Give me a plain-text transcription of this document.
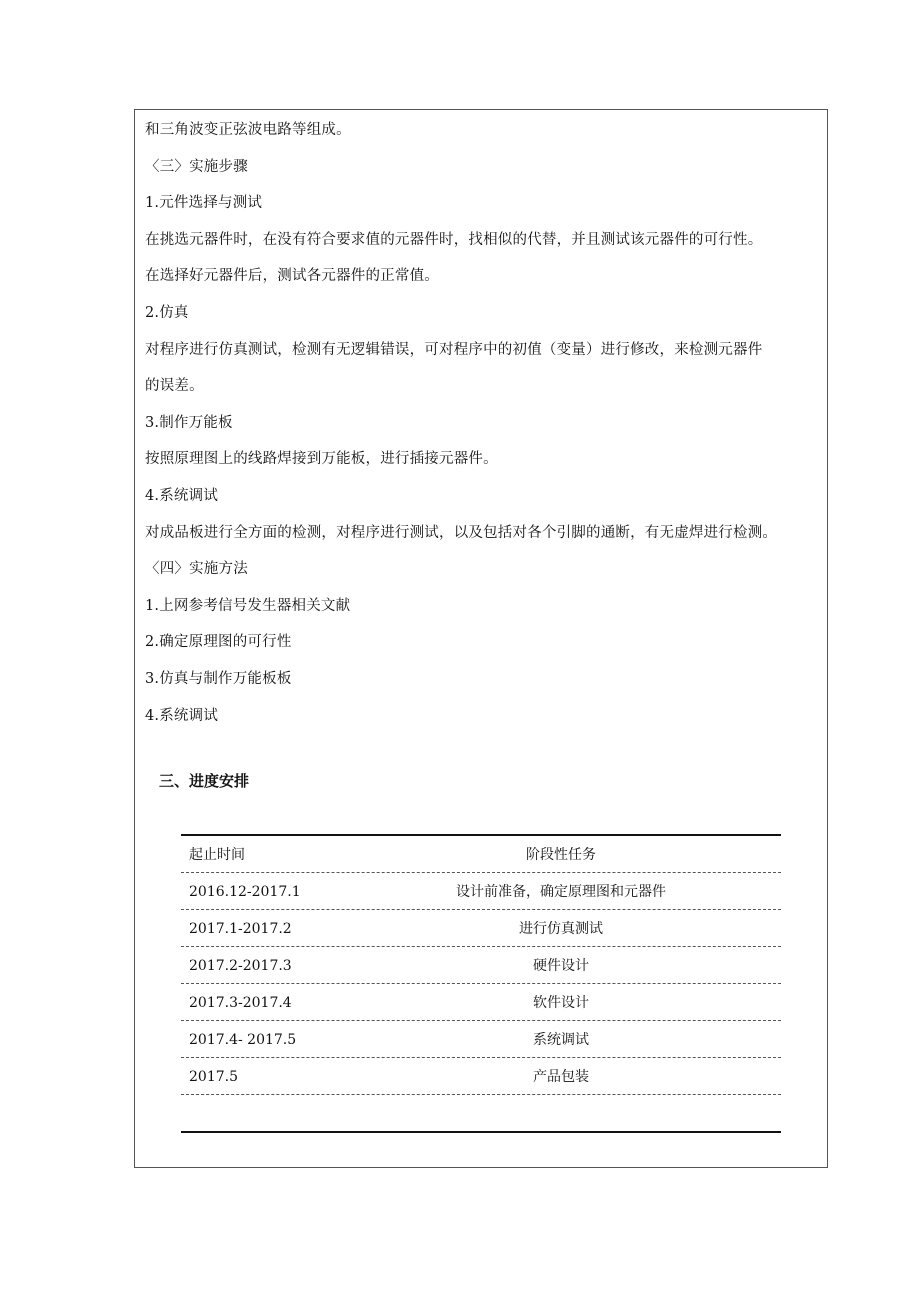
和三角波变正弦波电路等组成。
〈三〉实施步骤
1.元件选择与测试
在挑选元器件时，在没有符合要求值的元器件时，找相似的代替，并且测试该元器件的可行性。
在选择好元器件后，测试各元器件的正常值。
2.仿真
对程序进行仿真测试，检测有无逻辑错误，可对程序中的初值（变量）进行修改，来检测元器件
的误差。
3.制作万能板
按照原理图上的线路焊接到万能板，进行插接元器件。
4.系统调试
对成品板进行全方面的检测，对程序进行测试，以及包括对各个引脚的通断，有无虚焊进行检测。
〈四〉实施方法
1.上网参考信号发生器相关文献
2.确定原理图的可行性
3.仿真与制作万能板板
4.系统调试
三、进度安排
起止时间	阶段性任务
2016.12-2017.1	设计前准备，确定原理图和元器件
2017.1-2017.2	进行仿真测试
2017.2-2017.3	硬件设计
2017.3-2017.4	软件设计
2017.4- 2017.5	系统调试
2017.5	产品包装
